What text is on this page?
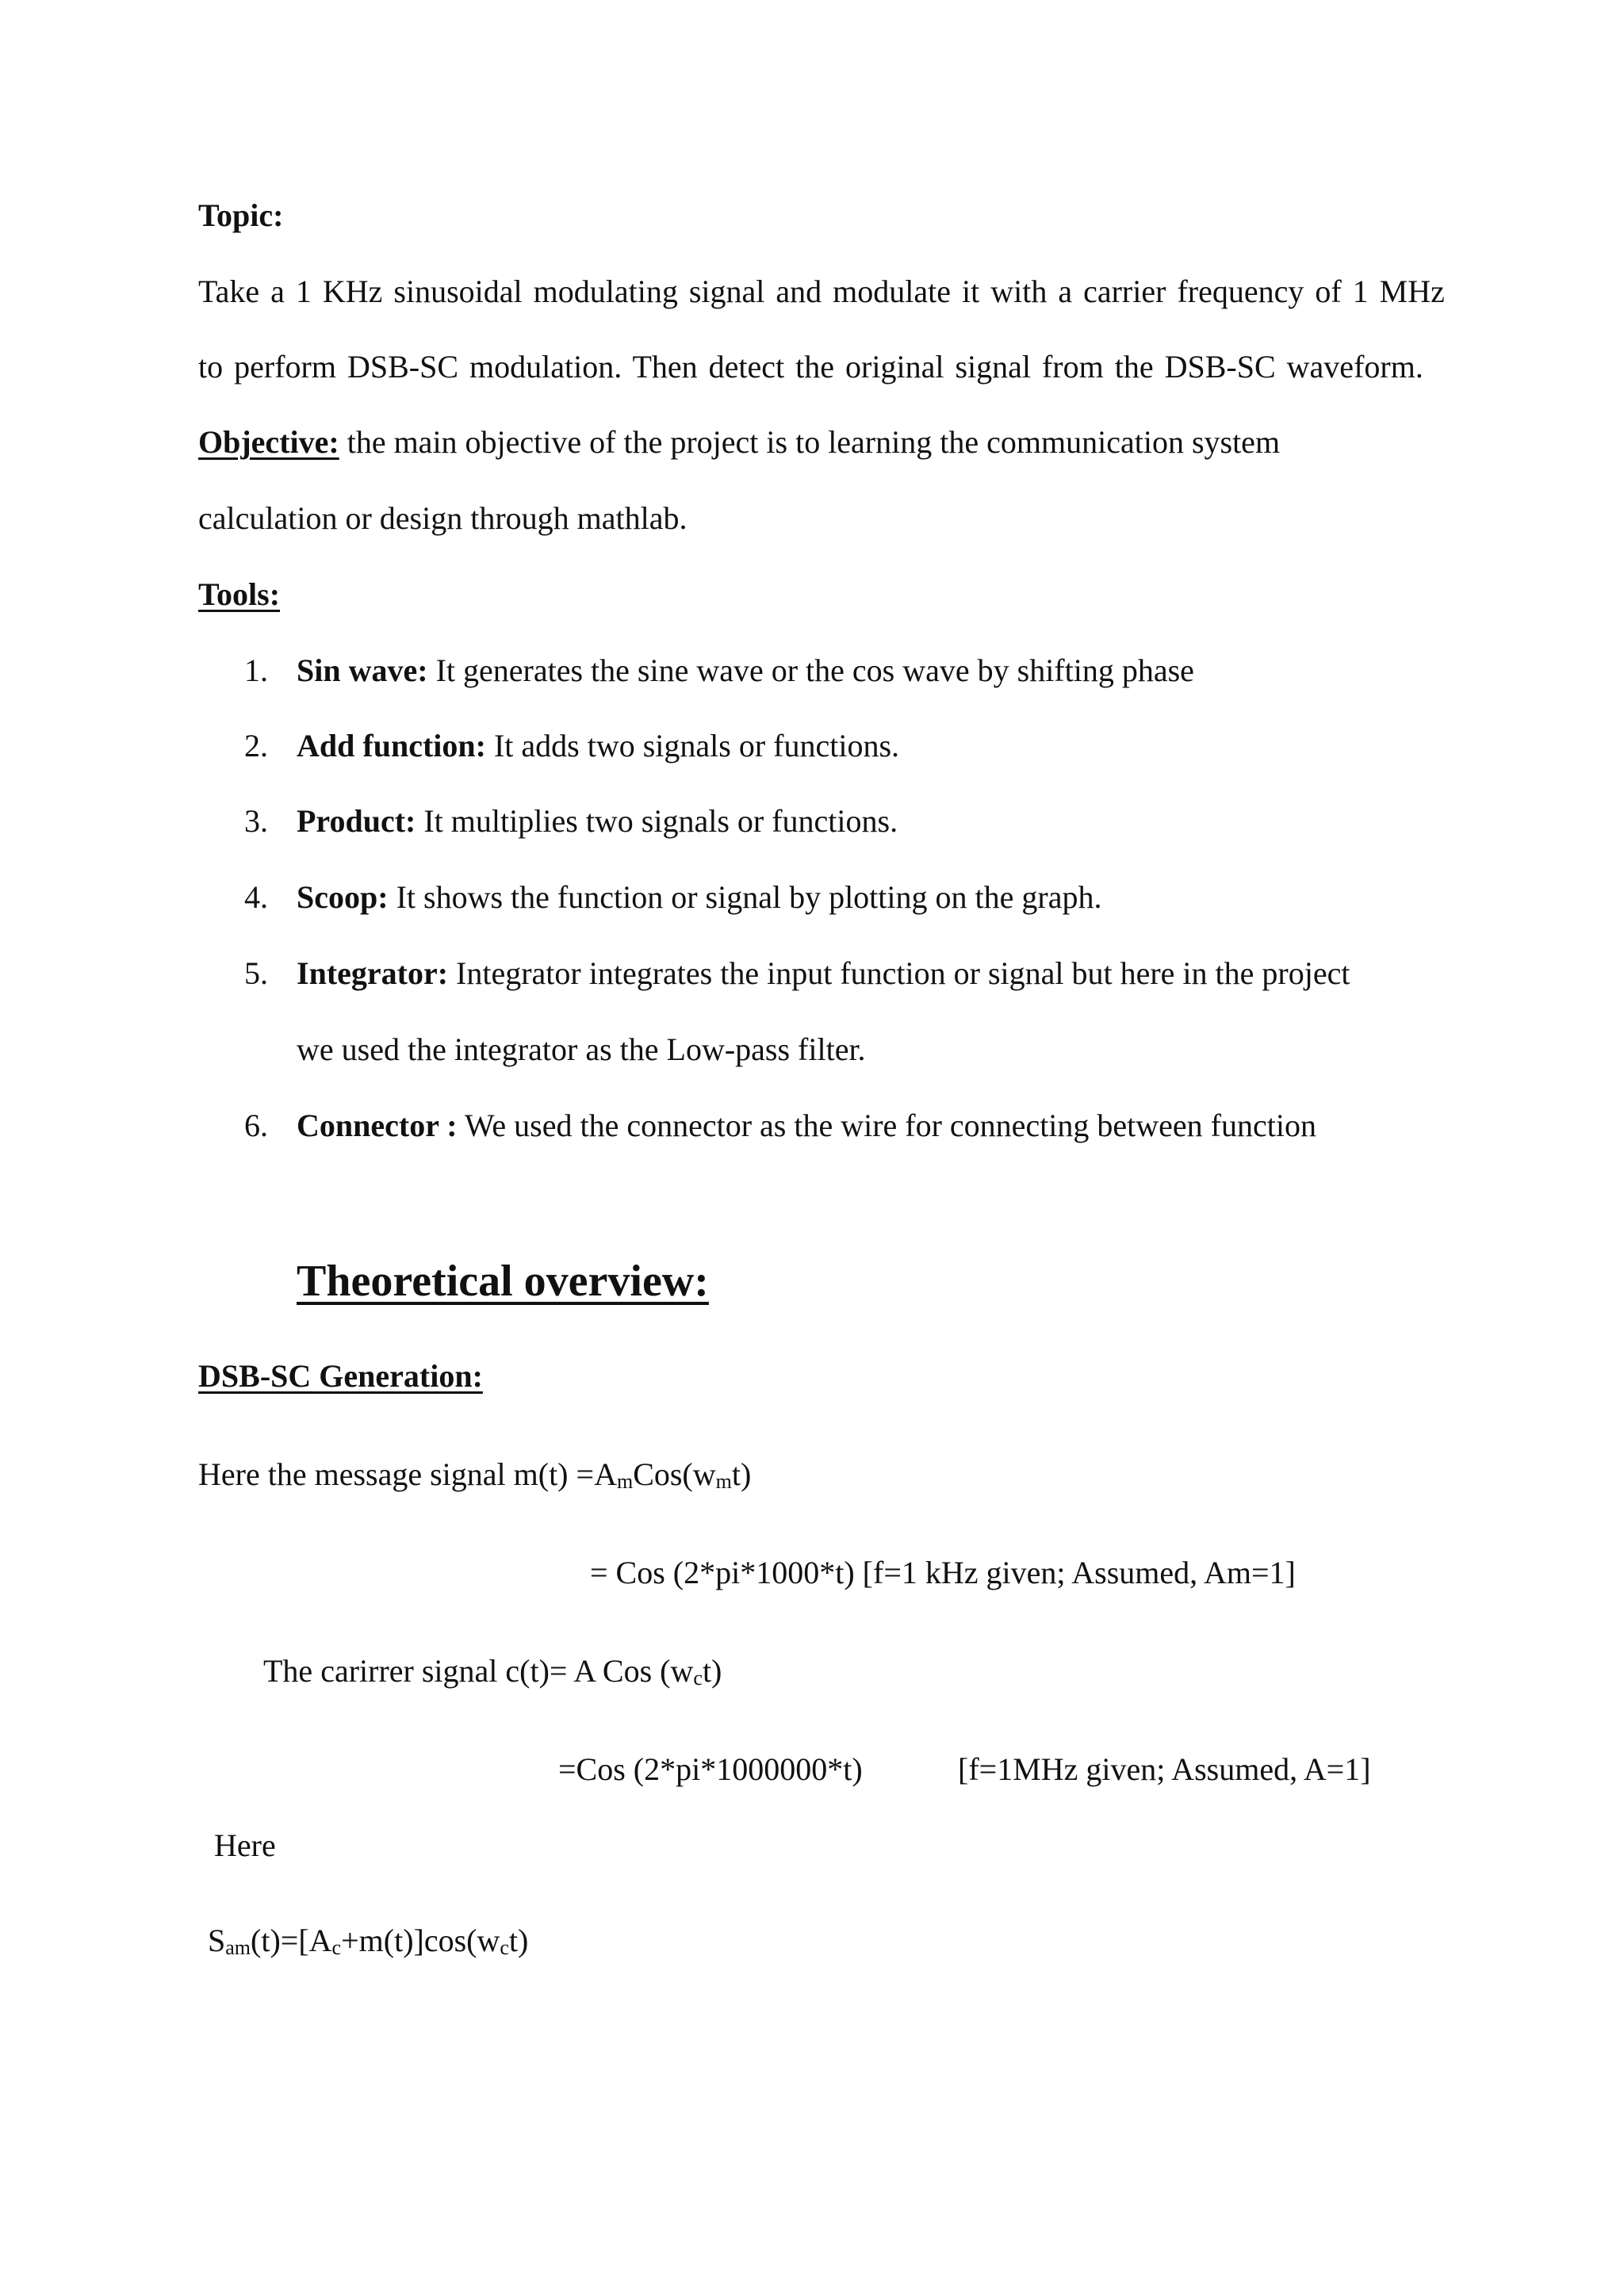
Topic:
Take a 1 KHz sinusoidal modulating signal and modulate it with a carrier frequency of 1 MHz
to perform DSB-SC modulation. Then detect the original signal from the DSB-SC waveform.
Objective: the main objective of the project is to learning the communication system
calculation or design through mathlab.
Tools:
1. Sin wave: It generates the sine wave or the cos wave by shifting phase
2. Add function: It adds two signals or functions.
3. Product: It multiplies two signals or functions.
4. Scoop: It shows the function or signal by plotting on the graph.
5. Integrator: Integrator integrates the input function or signal but here in the project
we used the integrator as the Low-pass filter.
6. Connector : We used the connector as the wire for connecting between function
Theoretical overview:
DSB-SC Generation:
Here the message signal $m(t) =A_mCos(w_mt)$
= Cos (2*pi*1000*t) [f=1 kHz given; Assumed, Am=1]
The carirrer signal c(t)= A Cos $(w_ct)$
=Cos (2*pi*1000000*t)	[f=1MHz given; Assumed, A=1]
Here
$S_{am}(t)=[A_c+m(t)]\cos(w_ct)$
